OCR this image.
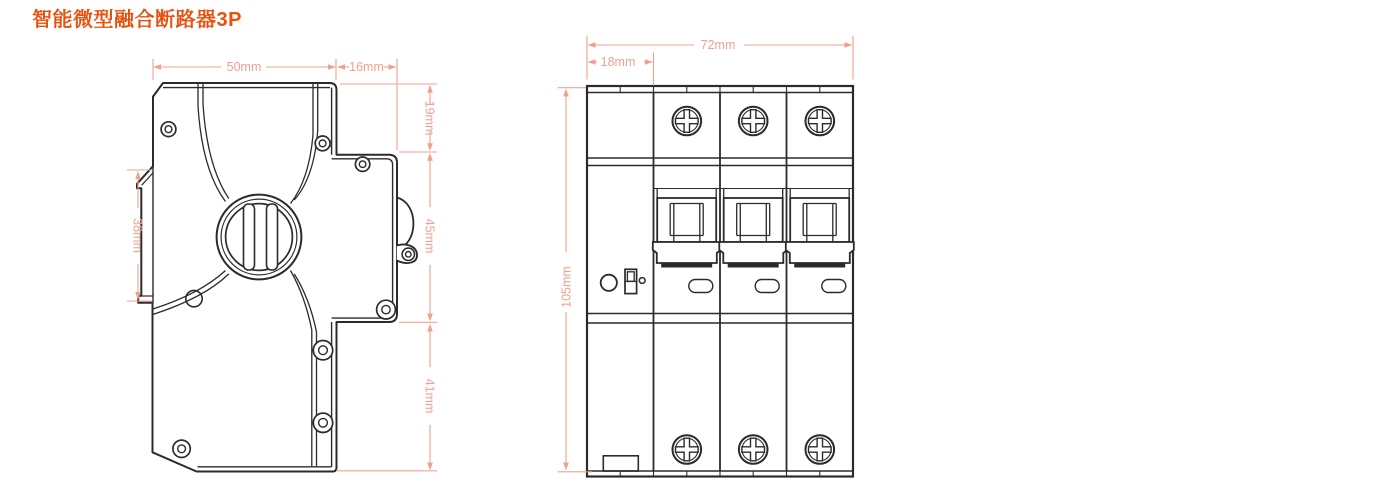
智能微型融合断路器3P
50mm	16mm
19mm
45mm
41mm
38mm
72mm
18mm
105mm
